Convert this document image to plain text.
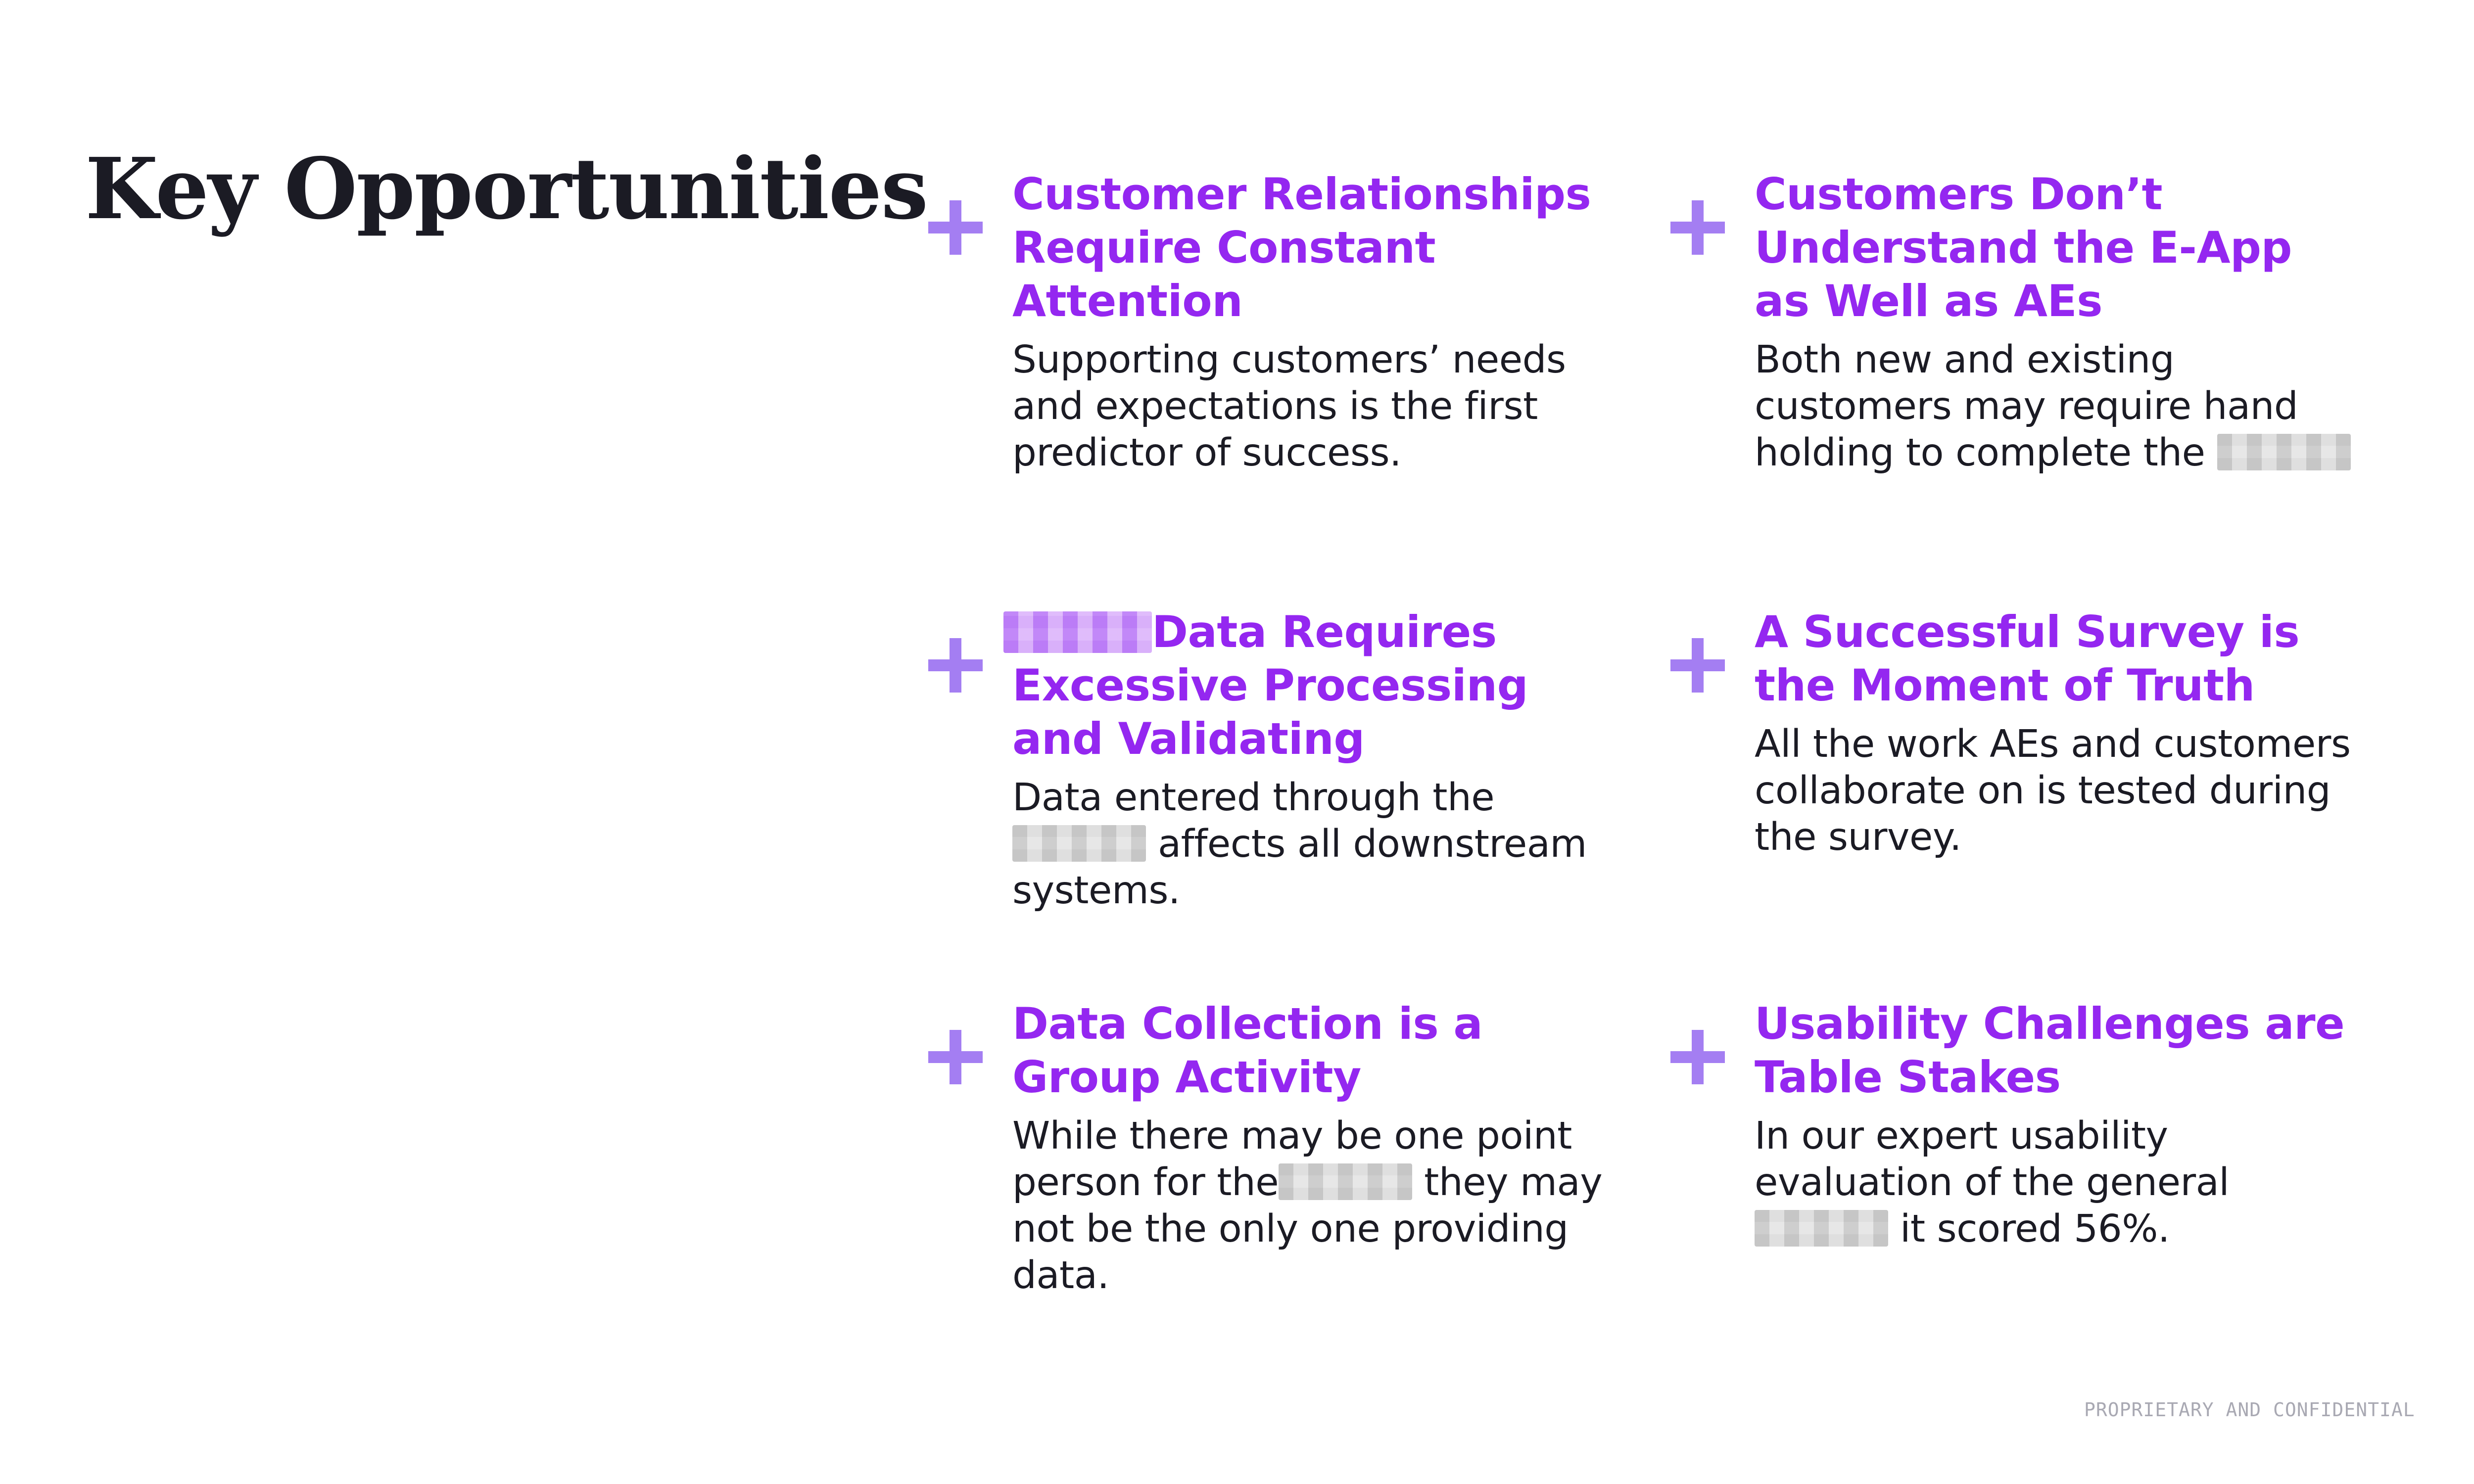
Key Opportunities Customer Relationships Require Constant Attention

Supporting customers’ needs and expectations is the first predictor of success.

Customers Don’t Understand the E-App as Well as AEs

Both new and existing customers may require hand holding to complete the

Data Requires Excessive Processing and Validating

Data entered through the affects all downstream systems.

A Successful Survey is the Moment of Truth

All the work AEs and customers collaborate on is tested during the survey.

Data Collection is a Group Activity

While there may be one point person for the	they may not be the only one providing data.

Usability Challenges are Table Stakes

In our expert usability evaluation of the general it scored 56%.

PROPRIETARY AND CONFIDENTIAL
